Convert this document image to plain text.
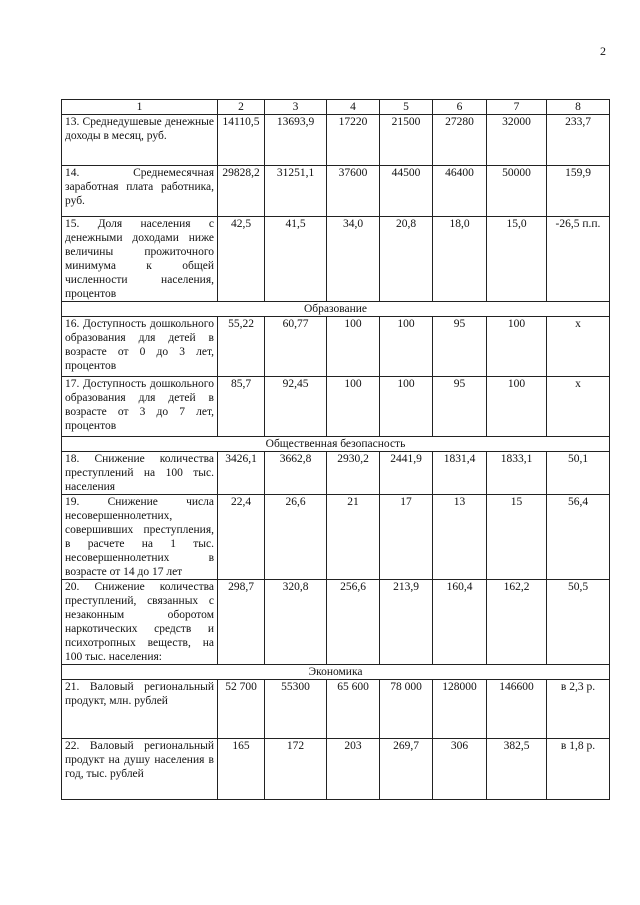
2
1	2	3	4	5	6	7	8
13. Среднедушевые денежные доходы в месяц, руб.	14110,5	13693,9	17220	21500	27280	32000	233,7
14. Среднемесячная заработная плата работника, руб.	29828,2	31251,1	37600	44500	46400	50000	159,9
15. Доля населения с денежными доходами ниже величины прожиточного минимума к общей численности населения, процентов	42,5	41,5	34,0	20,8	18,0	15,0	-26,5 п.п.
Образование							
16. Доступность дошкольного образования для детей в возрасте от 0 до 3 лет, процентов	55,22	60,77	100	100	95	100	х
17. Доступность дошкольного образования для детей в возрасте от 3 до 7 лет, процентов	85,7	92,45	100	100	95	100	х
Общественная безопасность							
18. Снижение количества преступлений на 100 тыс. населения	3426,1	3662,8	2930,2	2441,9	1831,4	1833,1	50,1
19. Снижение числа несовершеннолетних, совершивших преступления, в расчете на 1 тыс. несовершеннолетних в возрасте от 14 до 17 лет	22,4	26,6	21	17	13	15	56,4
20. Снижение количества преступлений, связанных с незаконным оборотом наркотических средств и психотропных веществ, на 100 тыс. населения:	298,7	320,8	256,6	213,9	160,4	162,2	50,5
Экономика							
21. Валовый региональный продукт, млн. рублей	52 700	55300	65 600	78 000	128000	146600	в 2,3 р.
22. Валовый региональный продукт на душу населения в год, тыс. рублей	165	172	203	269,7	306	382,5	в 1,8 р.
